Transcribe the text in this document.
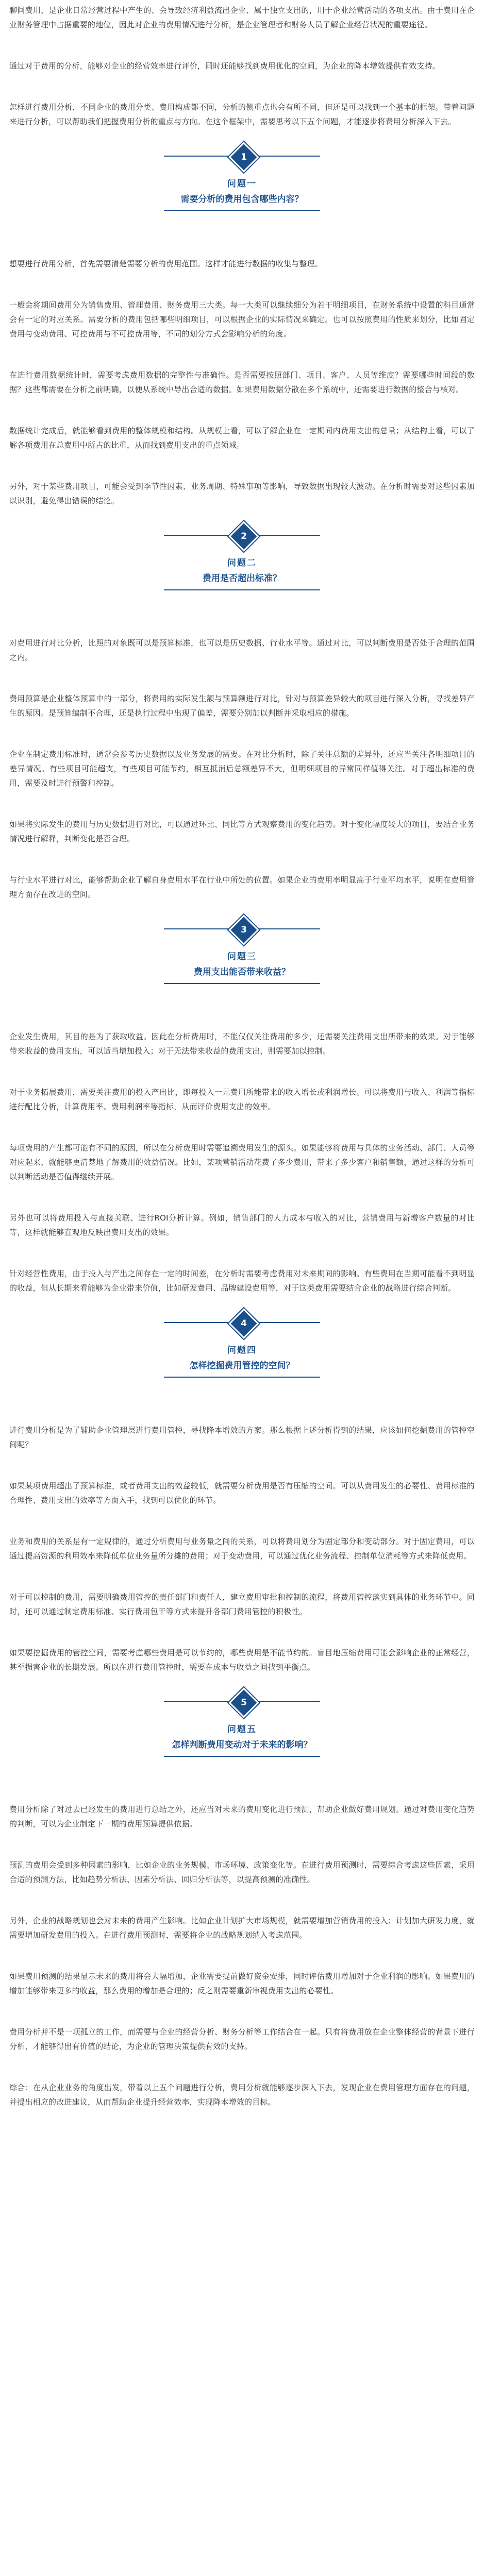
聊间费用，是企业日常经营过程中产生的、会导致经济利益流出企业、属于独立支出的，用于企业经营活动的各项支出。由于费用在企业财务管理中占据重要的地位，因此对企业的费用情况进行分析，是企业管理者和财务人员了解企业经营状况的重要途径。

通过对于费用的分析，能够对企业的经营效率进行评价，同时还能够找到费用优化的空间，为企业的降本增效提供有效支持。

怎样进行费用分析，不同企业的费用分类、费用构成都不同，分析的侧重点也会有所不同，但还是可以找到一个基本的框架。带着问题来进行分析，可以帮助我们把握费用分析的重点与方向。在这个框架中，需要思考以下五个问题，才能逐步将费用分析深入下去。

1
问题一
需要分析的费用包含哪些内容？

想要进行费用分析，首先需要清楚需要分析的费用范围。这样才能进行数据的收集与整理。

一般会将期间费用分为销售费用、管理费用、财务费用三大类。每一大类可以继续细分为若干明细项目，在财务系统中设置的科目通常会有一定的对应关系。需要分析的费用包括哪些明细项目，可以根据企业的实际情况来确定。也可以按照费用的性质来划分，比如固定费用与变动费用、可控费用与不可控费用等，不同的划分方式会影响分析的角度。

在进行费用数据统计时，需要考虑费用数据的完整性与准确性。是否需要按照部门、项目、客户、人员等维度？需要哪些时间段的数据？这些都需要在分析之前明确，以便从系统中导出合适的数据。如果费用数据分散在多个系统中，还需要进行数据的整合与核对。

数据统计完成后，就能够看到费用的整体规模和结构。从规模上看，可以了解企业在一定期间内费用支出的总量；从结构上看，可以了解各项费用在总费用中所占的比重，从而找到费用支出的重点领域。

另外，对于某些费用项目，可能会受到季节性因素、业务周期、特殊事项等影响，导致数据出现较大波动。在分析时需要对这些因素加以识别，避免得出错误的结论。

2
问题二
费用是否超出标准？

对费用进行对比分析，比照的对象既可以是预算标准，也可以是历史数据、行业水平等。通过对比，可以判断费用是否处于合理的范围之内。

费用预算是企业整体预算中的一部分，将费用的实际发生额与预算额进行对比，针对与预算差异较大的项目进行深入分析，寻找差异产生的原因。是预算编制不合理，还是执行过程中出现了偏差，需要分别加以判断并采取相应的措施。

企业在制定费用标准时，通常会参考历史数据以及业务发展的需要。在对比分析时，除了关注总额的差异外，还应当关注各明细项目的差异情况。有些项目可能超支，有些项目可能节约，相互抵消后总额差异不大，但明细项目的异常同样值得关注。对于超出标准的费用，需要及时进行预警和控制。

如果将实际发生的费用与历史数据进行对比，可以通过环比、同比等方式观察费用的变化趋势。对于变化幅度较大的项目，要结合业务情况进行解释，判断变化是否合理。

与行业水平进行对比，能够帮助企业了解自身费用水平在行业中所处的位置。如果企业的费用率明显高于行业平均水平，说明在费用管理方面存在改进的空间。

3
问题三
费用支出能否带来收益？

企业发生费用，其目的是为了获取收益。因此在分析费用时，不能仅仅关注费用的多少，还需要关注费用支出所带来的效果。对于能够带来收益的费用支出，可以适当增加投入；对于无法带来收益的费用支出，则需要加以控制。

对于业务拓展费用，需要关注费用的投入产出比，即每投入一元费用所能带来的收入增长或利润增长。可以将费用与收入、利润等指标进行配比分析，计算费用率、费用利润率等指标，从而评价费用支出的效率。

每项费用的产生都可能有不同的原因，所以在分析费用时需要追溯费用发生的源头。如果能够将费用与具体的业务活动、部门、人员等对应起来，就能够更清楚地了解费用的效益情况。比如，某项营销活动花费了多少费用，带来了多少客户和销售额，通过这样的分析可以判断活动是否值得继续开展。

另外也可以将费用投入与直接关联、进行ROI分析计算。例如，销售部门的人力成本与收入的对比，营销费用与新增客户数量的对比等，这样就能够直观地反映出费用支出的效果。

针对经营性费用，由于投入与产出之间存在一定的时间差，在分析时需要考虑费用对未来期间的影响。有些费用在当期可能看不到明显的收益，但从长期来看能够为企业带来价值，比如研发费用、品牌建设费用等，对于这类费用需要结合企业的战略进行综合判断。

4
问题四
怎样挖掘费用管控的空间？

进行费用分析是为了辅助企业管理层进行费用管控，寻找降本增效的方案。那么根据上述分析得到的结果，应该如何挖掘费用的管控空间呢？

如果某项费用超出了预算标准，或者费用支出的效益较低，就需要分析费用是否有压缩的空间。可以从费用发生的必要性、费用标准的合理性、费用支出的效率等方面入手，找到可以优化的环节。

业务和费用的关系是有一定规律的，通过分析费用与业务量之间的关系，可以将费用划分为固定部分和变动部分。对于固定费用，可以通过提高资源的利用效率来降低单位业务量所分摊的费用；对于变动费用，可以通过优化业务流程、控制单位消耗等方式来降低费用。

对于可以控制的费用，需要明确费用管控的责任部门和责任人，建立费用审批和控制的流程，将费用管控落实到具体的业务环节中。同时，还可以通过制定费用标准、实行费用包干等方式来提升各部门费用管控的积极性。

如果要挖掘费用的管控空间，需要考虑哪些费用是可以节约的，哪些费用是不能节约的。盲目地压缩费用可能会影响企业的正常经营，甚至损害企业的长期发展。所以在进行费用管控时，需要在成本与收益之间找到平衡点。

5
问题五
怎样判断费用变动对于未来的影响？

费用分析除了对过去已经发生的费用进行总结之外，还应当对未来的费用变化进行预测，帮助企业做好费用规划。通过对费用变化趋势的判断，可以为企业制定下一期的费用预算提供依据。

预测的费用会受到多种因素的影响，比如企业的业务规模、市场环境、政策变化等。在进行费用预测时，需要综合考虑这些因素，采用合适的预测方法，比如趋势分析法、因素分析法、回归分析法等，以提高预测的准确性。

另外，企业的战略规划也会对未来的费用产生影响。比如企业计划扩大市场规模，就需要增加营销费用的投入；计划加大研发力度，就需要增加研发费用的投入。在进行费用预测时，需要将企业的战略规划纳入考虑范围。

如果费用预测的结果显示未来的费用将会大幅增加，企业需要提前做好资金安排，同时评估费用增加对于企业利润的影响。如果费用的增加能够带来更多的收益，那么费用的增加是合理的；反之则需要重新审视费用支出的必要性。

费用分析并不是一项孤立的工作，而需要与企业的经营分析、财务分析等工作结合在一起。只有将费用放在企业整体经营的背景下进行分析，才能够得出有价值的结论，为企业的管理决策提供有效的支持。

综合：在从企业业务的角度出发，带着以上五个问题进行分析，费用分析就能够逐步深入下去，发现企业在费用管理方面存在的问题，并提出相应的改进建议，从而帮助企业提升经营效率，实现降本增效的目标。
